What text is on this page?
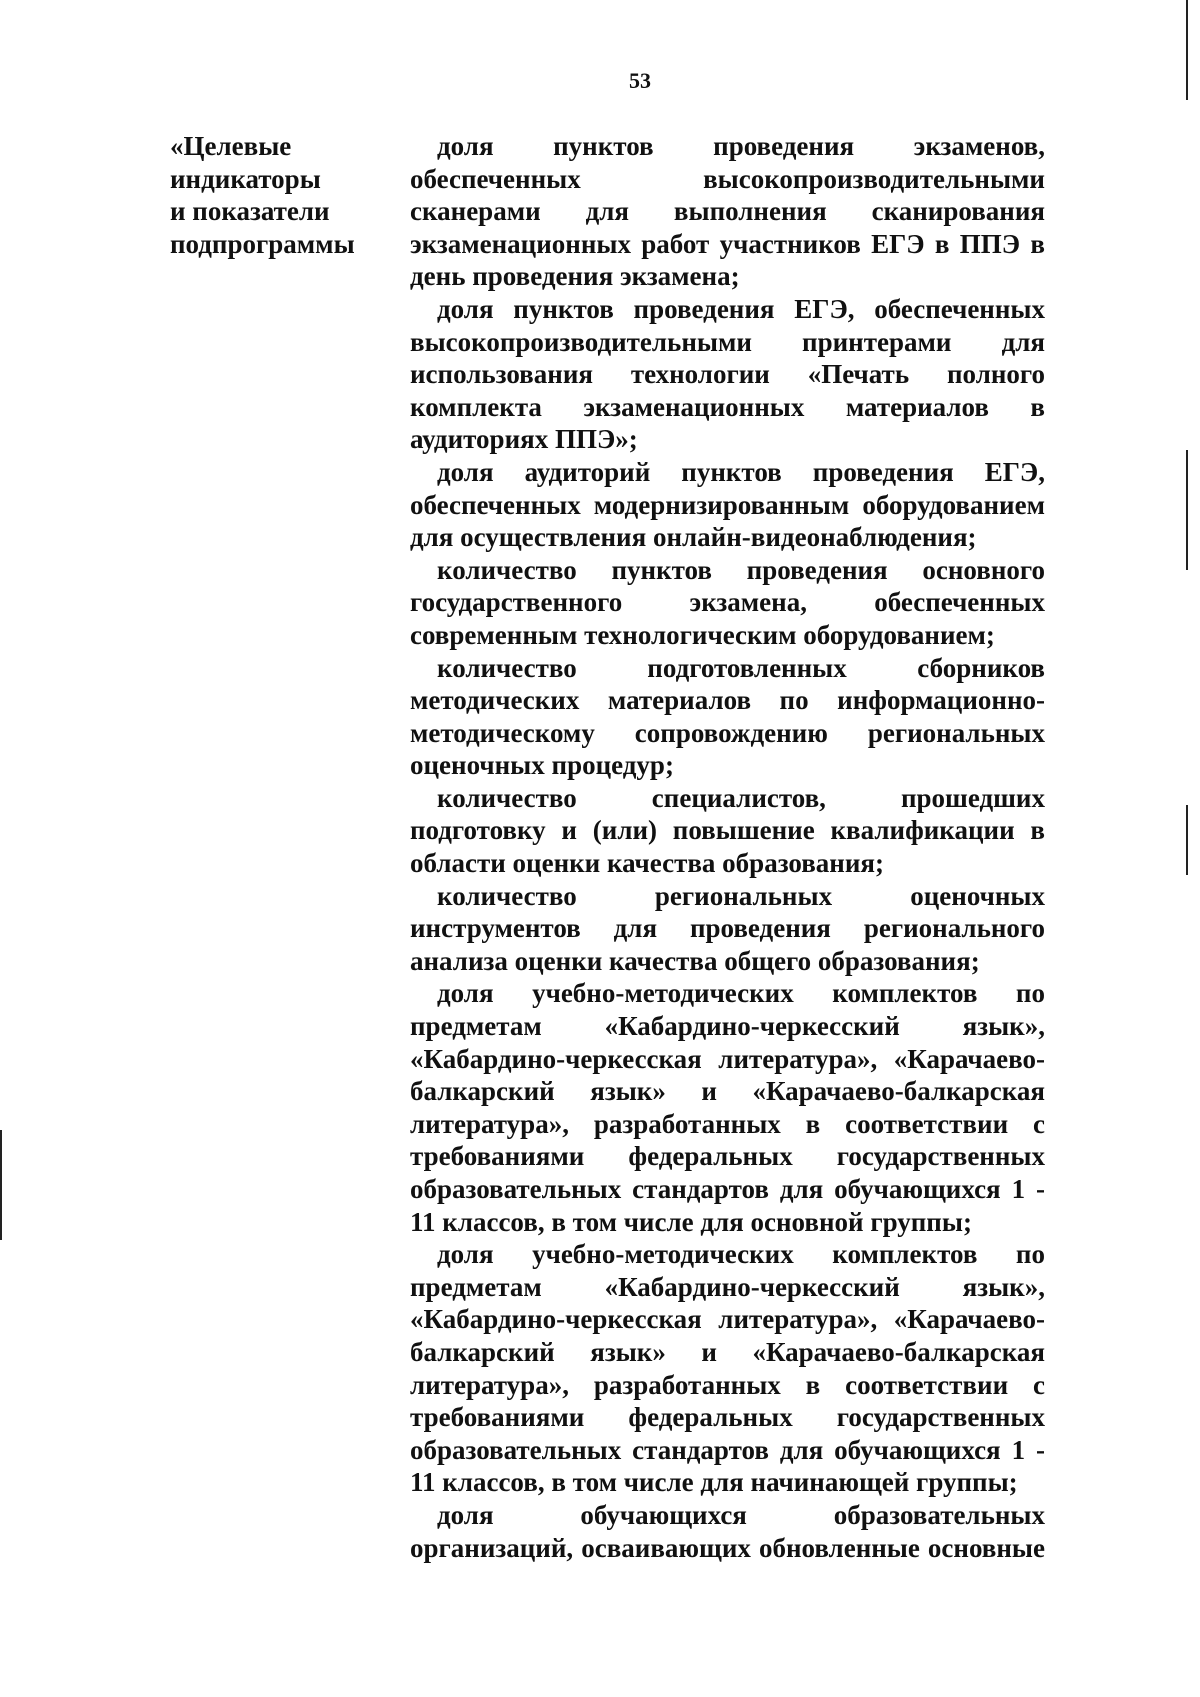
53
«Целевые
индикаторы
и показатели
подпрограммы

доля пунктов проведения экзаменов, обеспеченных высокопроизводительными сканерами для выполнения сканирования экзаменационных работ участников ЕГЭ в ППЭ в день проведения экзамена;

доля пунктов проведения ЕГЭ, обеспеченных высокопроизводительными принтерами для использования технологии «Печать полного комплекта экзаменационных материалов в аудиториях ППЭ»;

доля аудиторий пунктов проведения ЕГЭ, обеспеченных модернизированным оборудованием для осуществления онлайн-видеонаблюдения;

количество пунктов проведения основного государственного экзамена, обеспеченных современным технологическим оборудованием;

количество подготовленных сборников методических материалов по информационно-методическому сопровождению региональных оценочных процедур;

количество специалистов, прошедших подготовку и (или) повышение квалификации в области оценки качества образования;

количество региональных оценочных инструментов для проведения регионального анализа оценки качества общего образования;

доля учебно-методических комплектов по предметам «Кабардино-черкесский язык», «Кабардино-черкесская литература», «Карачаево-балкарский язык» и «Карачаево-балкарская литература», разработанных в соответствии с требованиями федеральных государственных образовательных стандартов для обучающихся 1 - 11 классов, в том числе для основной группы;

доля учебно-методических комплектов по предметам «Кабардино-черкесский язык», «Кабардино-черкесская литература», «Карачаево-балкарский язык» и «Карачаево-балкарская литература», разработанных в соответствии с требованиями федеральных государственных образовательных стандартов для обучающихся 1 - 11 классов, в том числе для начинающей группы;

доля обучающихся образовательных организаций, осваивающих обновленные основные
